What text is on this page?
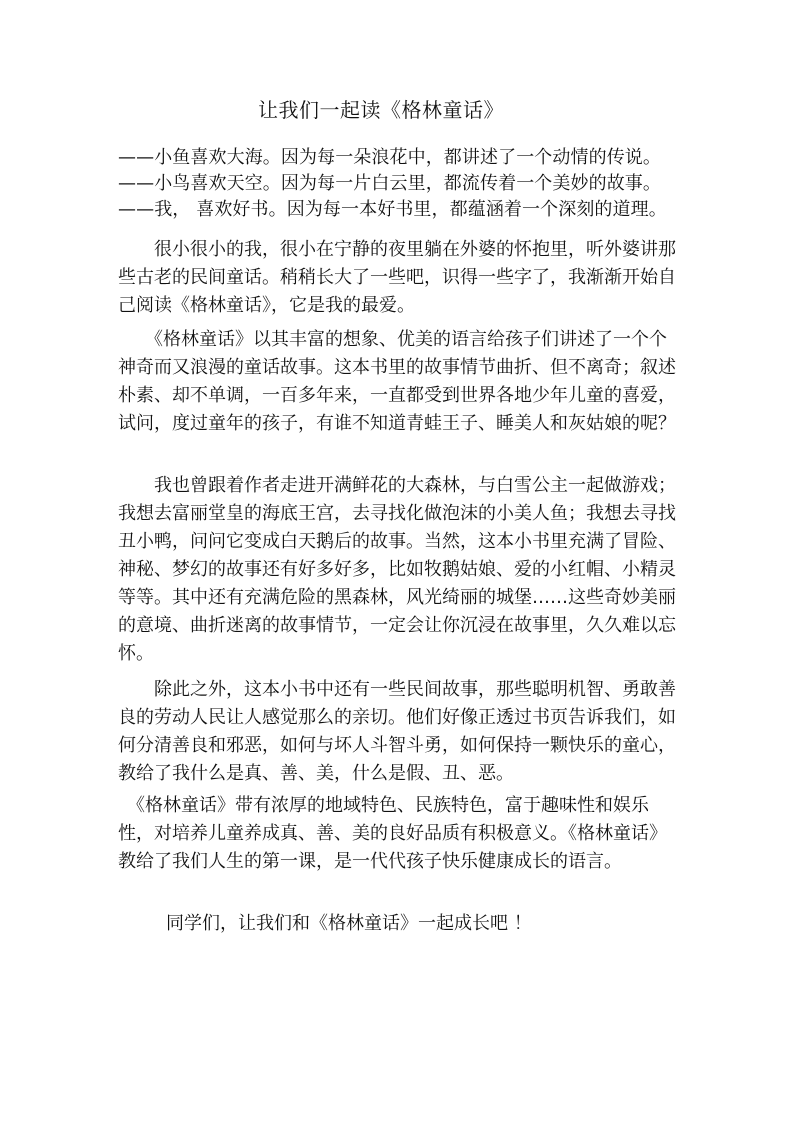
让我们一起读《格林童话》
——小鱼喜欢大海。因为每一朵浪花中，都讲述了一个动情的传说。
——小鸟喜欢天空。因为每一片白云里，都流传着一个美妙的故事。
——我， 喜欢好书。因为每一本好书里，都蕴涵着一个深刻的道理。
　　很小很小的我，很小在宁静的夜里躺在外婆的怀抱里，听外婆讲那些古老的民间童话。稍稍长大了一些吧，识得一些字了，我渐渐开始自己阅读《格林童话》，它是我的最爱。
　　《格林童话》以其丰富的想象、优美的语言给孩子们讲述了一个个神奇而又浪漫的童话故事。这本书里的故事情节曲折、但不离奇；叙述朴素、却不单调，一百多年来，一直都受到世界各地少年儿童的喜爱，试问，度过童年的孩子，有谁不知道青蛙王子、睡美人和灰姑娘的呢？
　　我也曾跟着作者走进开满鲜花的大森林，与白雪公主一起做游戏；我想去富丽堂皇的海底王宫，去寻找化做泡沫的小美人鱼；我想去寻找丑小鸭，问问它变成白天鹅后的故事。当然，这本小书里充满了冒险、神秘、梦幻的故事还有好多好多，比如牧鹅姑娘、爱的小红帽、小精灵等等。其中还有充满危险的黑森林，风光绮丽的城堡……这些奇妙美丽的意境、曲折迷离的故事情节，一定会让你沉浸在故事里，久久难以忘怀。
　　除此之外，这本小书中还有一些民间故事，那些聪明机智、勇敢善良的劳动人民让人感觉那么的亲切。他们好像正透过书页告诉我们，如何分清善良和邪恶，如何与坏人斗智斗勇，如何保持一颗快乐的童心，教给了我什么是真、善、美，什么是假、丑、恶。
　《格林童话》带有浓厚的地域特色、民族特色，富于趣味性和娱乐性，对培养儿童养成真、善、美的良好品质有积极意义。《格林童话》教给了我们人生的第一课，是一代代孩子快乐健康成长的语言。
同学们，让我们和《格林童话》一起成长吧 ！
